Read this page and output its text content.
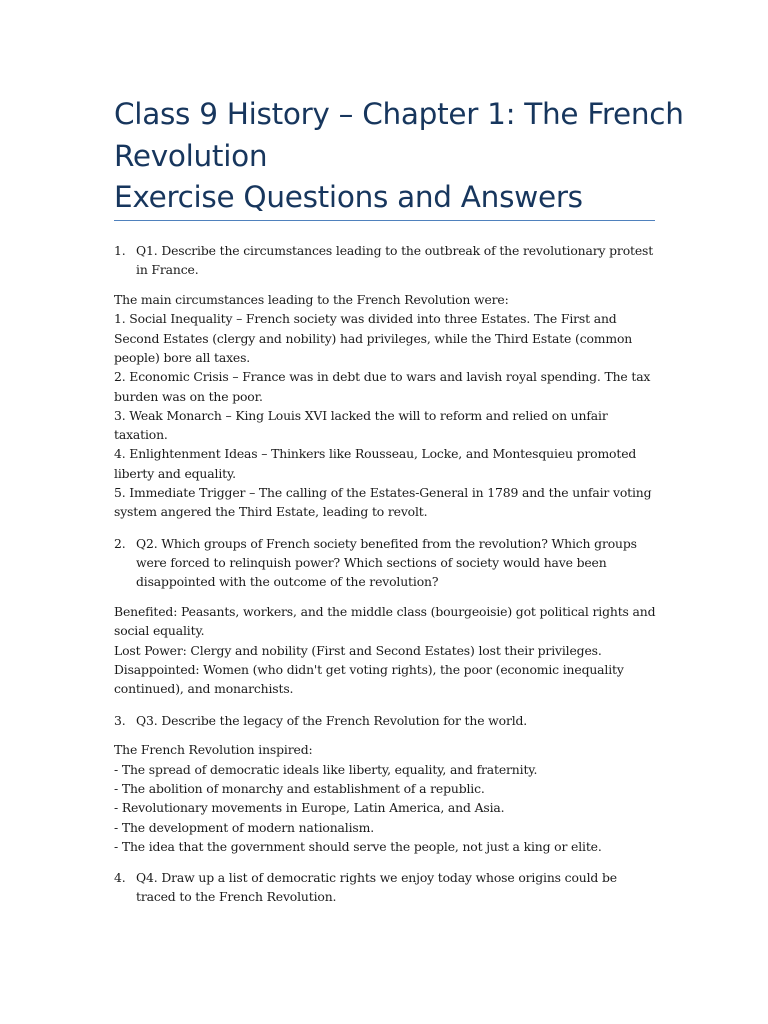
Class 9 History – Chapter 1: The French
Revolution
Exercise Questions and Answers
1. Q1. Describe the circumstances leading to the outbreak of the revolutionary protest in France.
The main circumstances leading to the French Revolution were:
1. Social Inequality – French society was divided into three Estates. The First and Second Estates (clergy and nobility) had privileges, while the Third Estate (common people) bore all taxes.
2. Economic Crisis – France was in debt due to wars and lavish royal spending. The tax burden was on the poor.
3. Weak Monarch – King Louis XVI lacked the will to reform and relied on unfair taxation.
4. Enlightenment Ideas – Thinkers like Rousseau, Locke, and Montesquieu promoted liberty and equality.
5. Immediate Trigger – The calling of the Estates-General in 1789 and the unfair voting system angered the Third Estate, leading to revolt.
2. Q2. Which groups of French society benefited from the revolution? Which groups were forced to relinquish power? Which sections of society would have been disappointed with the outcome of the revolution?
Benefited: Peasants, workers, and the middle class (bourgeoisie) got political rights and social equality.
Lost Power: Clergy and nobility (First and Second Estates) lost their privileges.
Disappointed: Women (who didn't get voting rights), the poor (economic inequality continued), and monarchists.
3. Q3. Describe the legacy of the French Revolution for the world.
The French Revolution inspired:
- The spread of democratic ideals like liberty, equality, and fraternity.
- The abolition of monarchy and establishment of a republic.
- Revolutionary movements in Europe, Latin America, and Asia.
- The development of modern nationalism.
- The idea that the government should serve the people, not just a king or elite.
4. Q4. Draw up a list of democratic rights we enjoy today whose origins could be traced to the French Revolution.
